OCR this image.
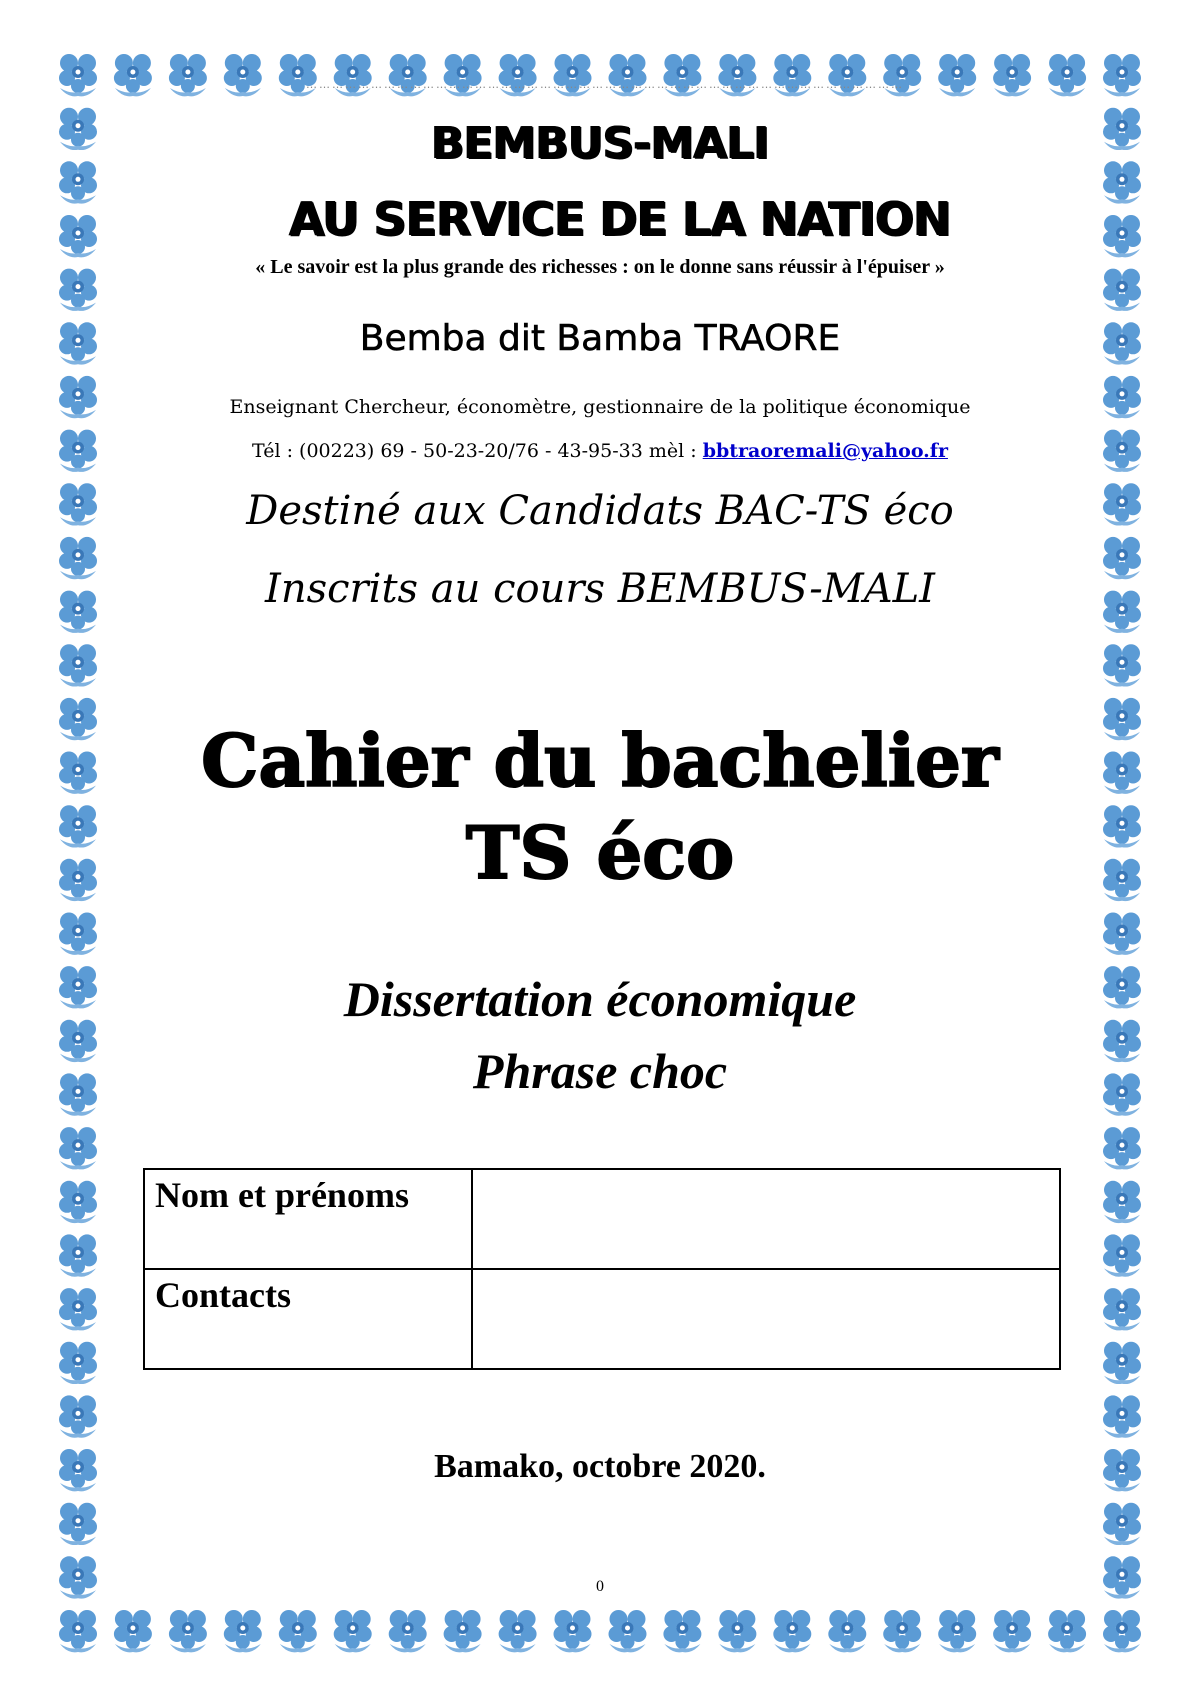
…………………………………………………………………………………………………………………………
BEMBUS-MALI
AU SERVICE DE LA NATION
« Le savoir est la plus grande des richesses : on le donne sans réussir à l'épuiser »
Bemba dit Bamba TRAORE
Enseignant Chercheur, économètre, gestionnaire de la politique économique
Tél : (00223) 69 - 50-23-20/76 - 43-95-33 mèl : bbtraoremali@yahoo.fr
Destiné aux Candidats BAC-TS éco
Inscrits au cours BEMBUS-MALI
Cahier du bachelier
TS éco
Dissertation économique
Phrase choc
Nom et prénoms	
Contacts	
Bamako, octobre 2020.
0
